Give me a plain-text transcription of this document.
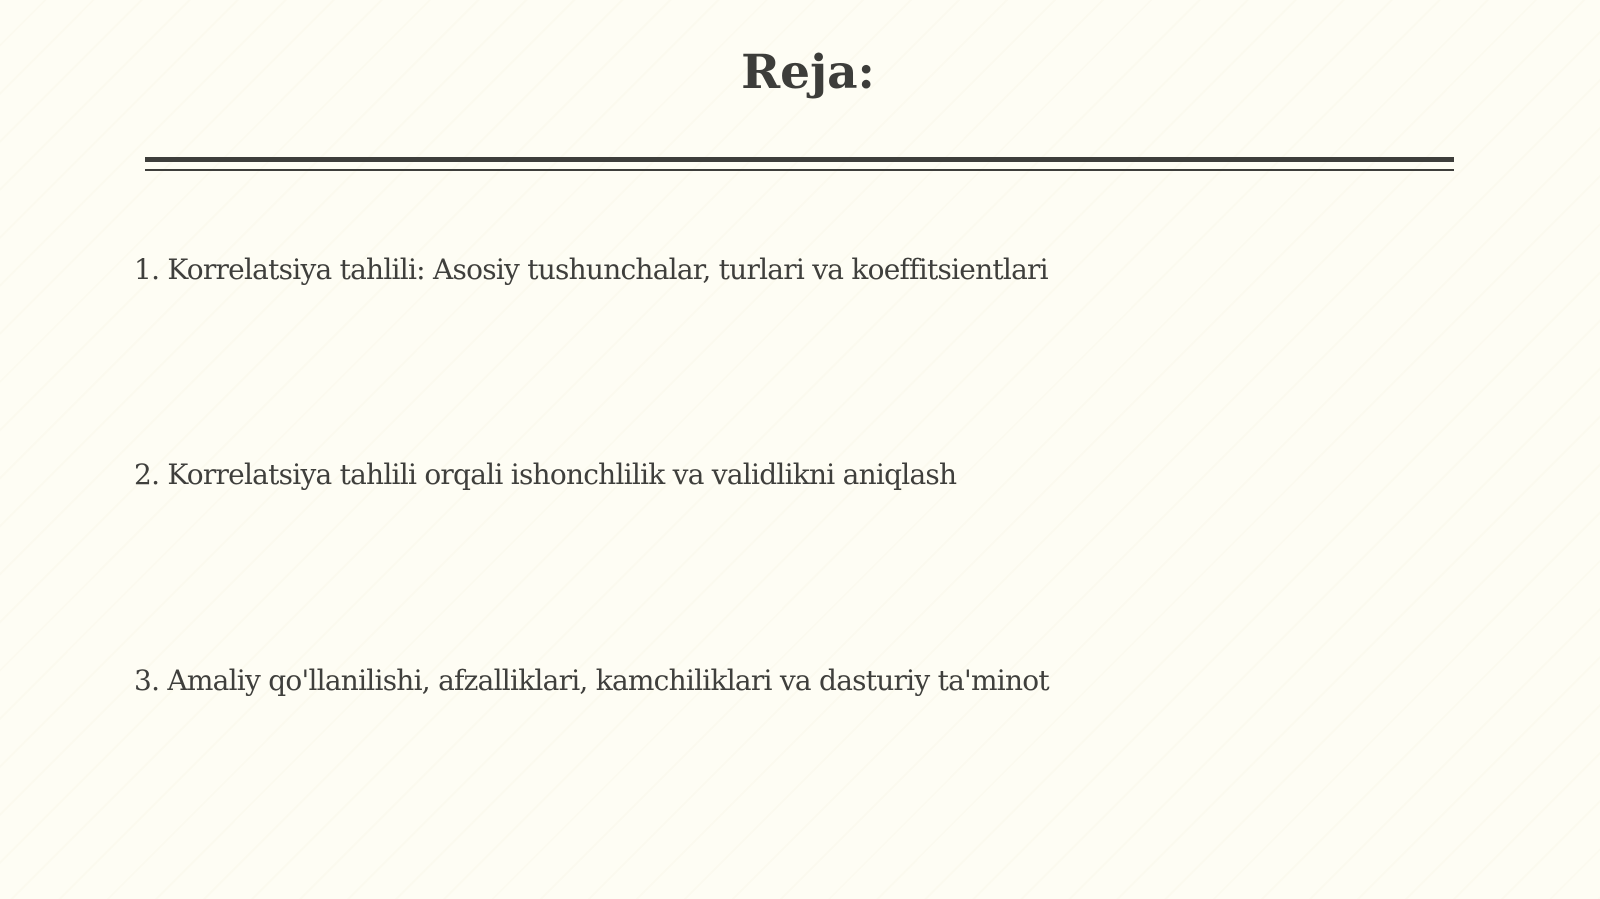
Reja:
1. Korrelatsiya tahlili: Asosiy tushunchalar, turlari va koeffitsientlari
2. Korrelatsiya tahlili orqali ishonchlilik va validlikni aniqlash
3. Amaliy qo'llanilishi, afzalliklari, kamchiliklari va dasturiy ta'minot
